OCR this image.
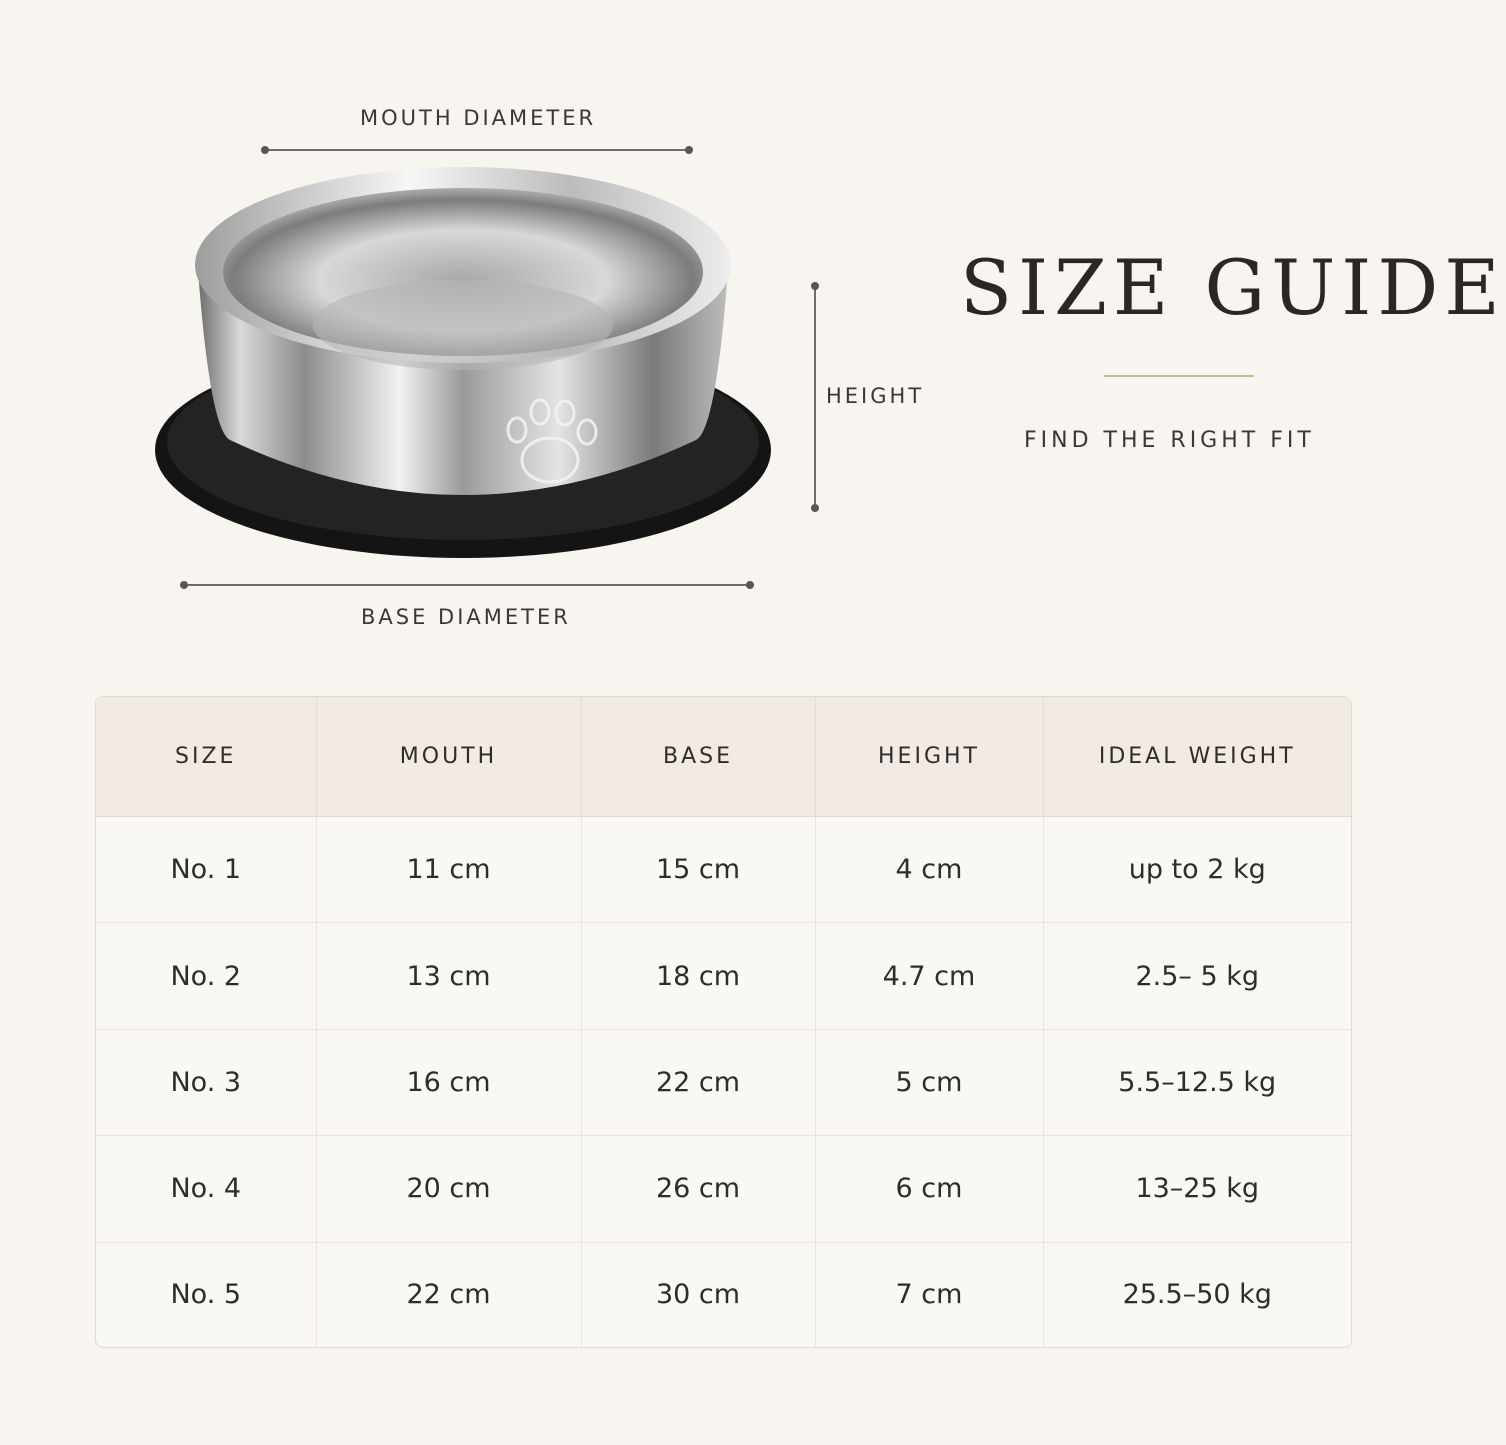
MOUTH DIAMETER
HEIGHT
BASE DIAMETER
SIZE GUIDE
FIND THE RIGHT FIT
SIZE	MOUTH	BASE	HEIGHT	IDEAL WEIGHT
No. 1	11 cm	15 cm	4 cm	up to 2 kg
No. 2	13 cm	18 cm	4.7 cm	2.5– 5 kg
No. 3	16 cm	22 cm	5 cm	5.5–12.5 kg
No. 4	20 cm	26 cm	6 cm	13–25 kg
No. 5	22 cm	30 cm	7 cm	25.5–50 kg
